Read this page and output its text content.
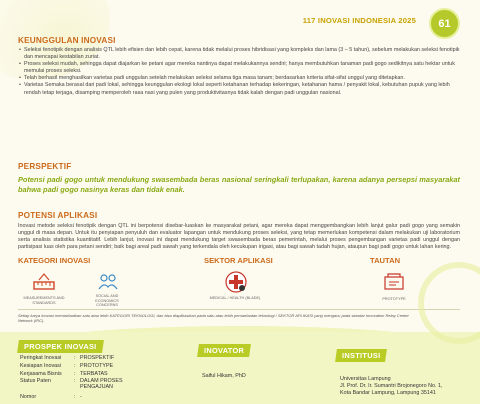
117 INOVASI INDONESIA 2025	61
KEUNGGULAN INOVASI
• Seleksi fenotipik dengan analisis QTL lebih efisien dan lebih cepat, karena tidak melalui proses hibridisasi yang kompleks dan lama (3 – 5 tahun), sebelum melakukan seleksi fenotipik dan mencapai kestabilan zuriat.
• Proses seleksi mudah, sehingga dapat diajarkan ke petani agar mereka nantinya dapat melakukannya sendiri; hanya membutuhkan tanaman padi gogo sedikitnya satu hektar untuk memulai proses seleksi.
• Telah berhasil menghasilkan varietas padi unggulan setelah melakukan seleksi selama tiga masa tanam; berdasarkan kriteria sifat-sifat unggul yang ditetapkan.
• Varietas Semaka berasal dari padi lokal, sehingga keunggulan ekologi lokal seperti ketahanan terhadap kekeringan, ketahanan hama / penyakit lokal, kebutuhan pupuk yang lebih rendah tetap terjaga, disamping memperoleh rasa nasi yang pulen yang produktivitasnya tidak kalah dengan padi unggulan nasional.
PERSPEKTIF
Potensi padi gogo untuk mendukung swasembada beras nasional seringkali terlupakan, karena adanya persepsi masyarakat bahwa padi gogo nasinya keras dan tidak enak.
POTENSI APLIKASI
Inovasi metode seleksi fenotipik dengan QTL ini berpotensi disebar-luaskan ke masyarakat petani, agar mereka dapat menggembangkan lebih lanjut galur padi gogo yang semakin unggul di masa depan. Untuk itu penyiapan penyuluh dan evaluator lapangan untuk mendukung proses seleksi, yang tetap memerlukan kompetensi dalam melakukan uji laboratorium serta analisis statistika kuantitatif. Lebih lanjut, inovasi ini dapat mendukung target swasembada beras pemerintah, melalui proses pengembangan varietas padi unggul dengan partisipasi luas oleh para petani sendiri; baik bagi areal padi sawah yang terkendala oleh kecukupan irigasi, atau bagi sawah tadah hujan, ataupun bagi padi gogo untuk lahan kering.
KATEGORI INOVASI	SEKTOR APLIKASI	TAUTAN
MEASUREMENTS AND STANDARDS
SOCIAL AND ECONOMICS CONCERNS
MEDICAL / HEALTH (BLADE)	PROTOTYPE
Setiap karya inovasi memanfaatkan satu atau lebih KATEGORI TEKNOLOGI, dan bisa diaplikasikan pada satu atau lebih pemanfaatan teknologi / SEKTOR APLIKASI yang mengacu pada standar Innovation Relay Center Network (IRC).
PROSPEK INOVASI
Peringkat Inovasi	: PROSPEKTIF
Kesiapan Inovasi	: PROTOTYPE
Kerjasama Bisnis	: TERBATAS
Status Paten	: DALAM PROSES PENGAJUAN
Nomor	: -
INOVATOR
Saiful Hikam, PhD
INSTITUSI
Universitas Lampung
Jl. Prof. Dr. Ir. Sumantri Brojonegoro No. 1,
Kota Bandar Lampung, Lampung 35141
